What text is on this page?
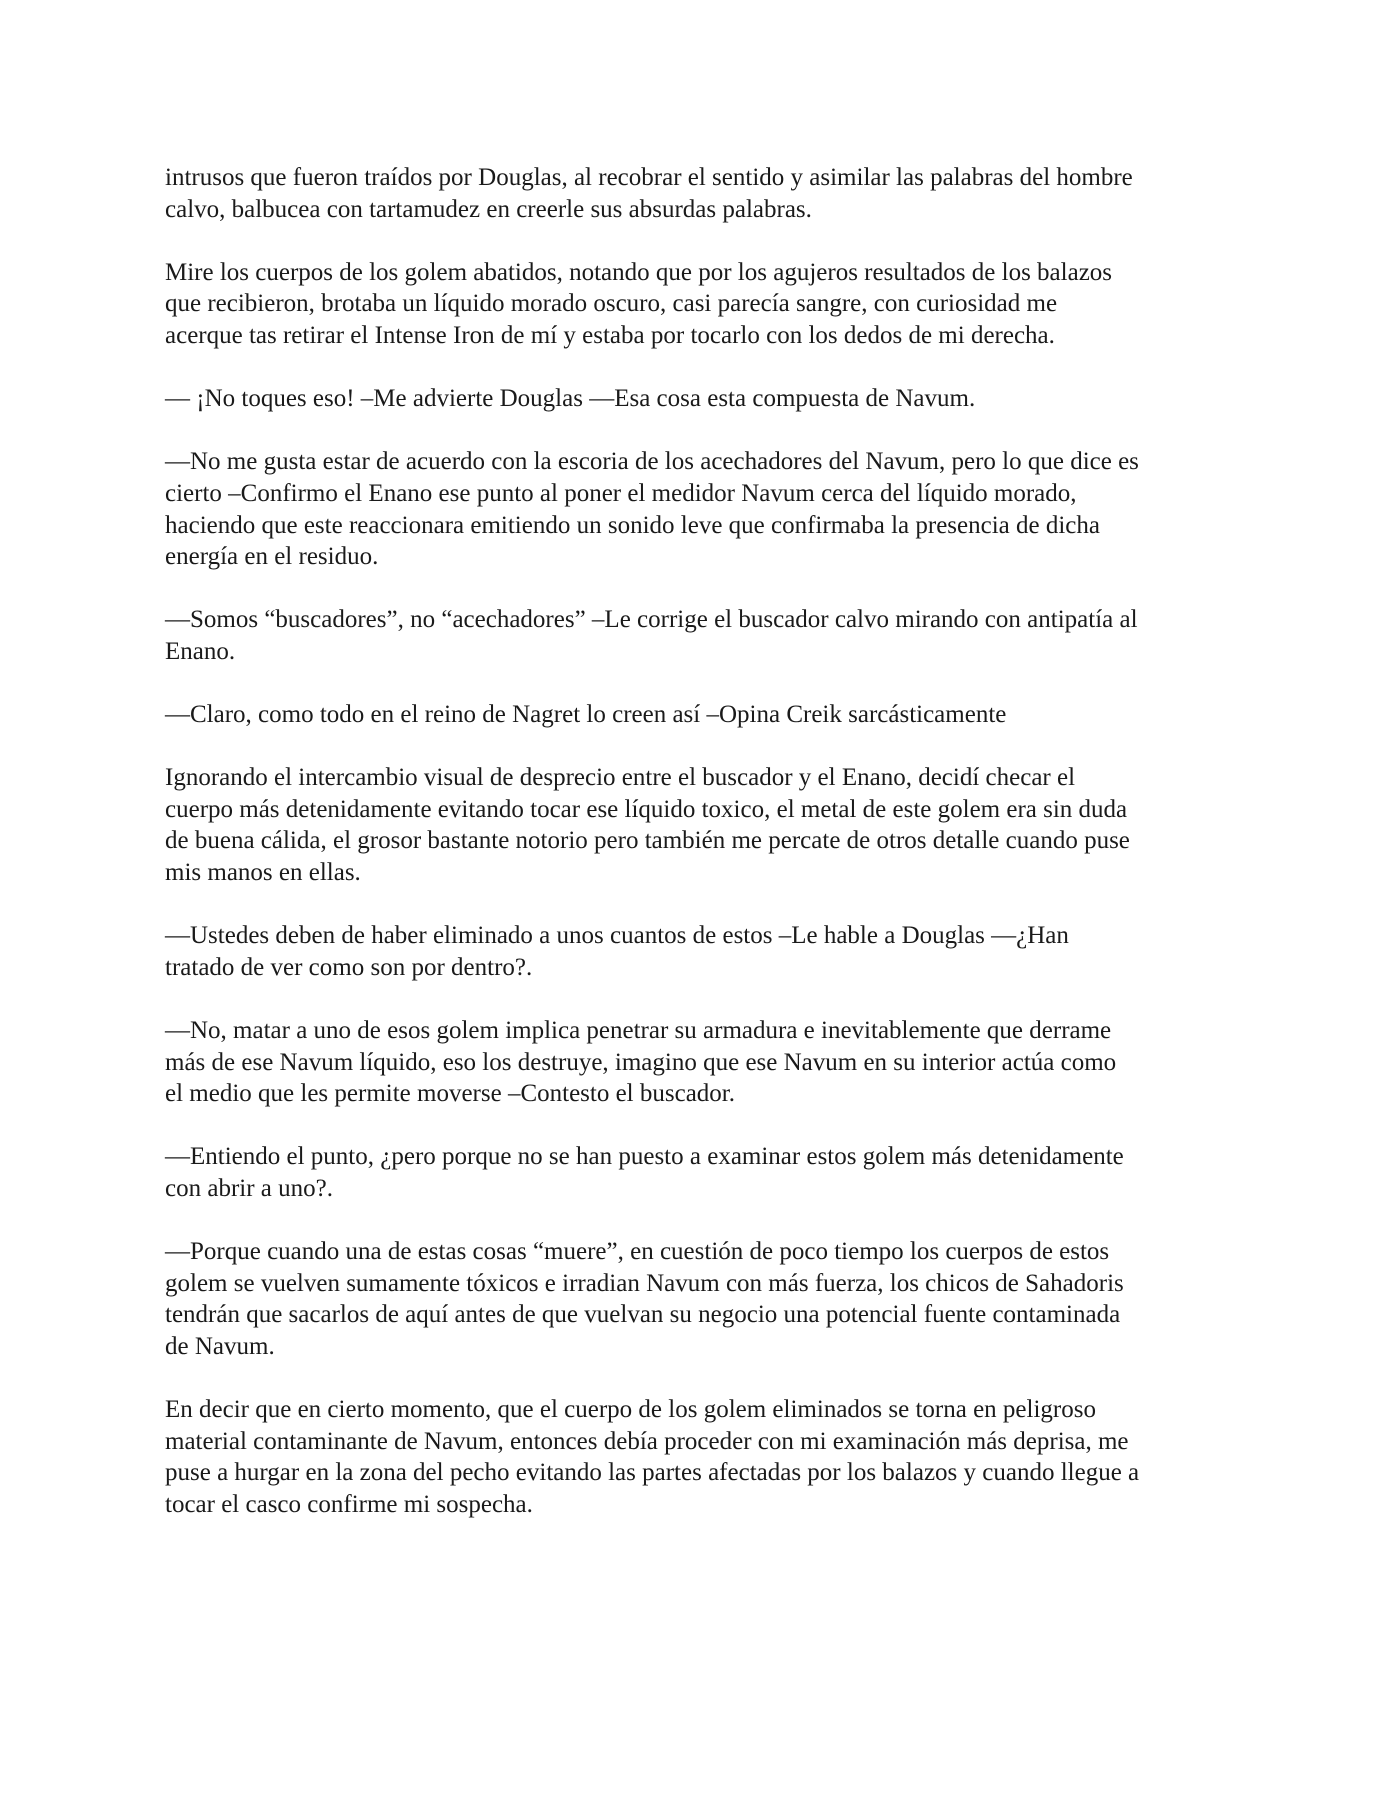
intrusos que fueron traídos por Douglas, al recobrar el sentido y asimilar las palabras del hombre
calvo, balbucea con tartamudez en creerle sus absurdas palabras.

Mire los cuerpos de los golem abatidos, notando que por los agujeros resultados de los balazos
que recibieron, brotaba un líquido morado oscuro, casi parecía sangre, con curiosidad me
acerque tas retirar el Intense Iron de mí y estaba por tocarlo con los dedos de mi derecha.

— ¡No toques eso! –Me advierte Douglas —Esa cosa esta compuesta de Navum.

—No me gusta estar de acuerdo con la escoria de los acechadores del Navum, pero lo que dice es
cierto –Confirmo el Enano ese punto al poner el medidor Navum cerca del líquido morado,
haciendo que este reaccionara emitiendo un sonido leve que confirmaba la presencia de dicha
energía en el residuo.

—Somos “buscadores”, no “acechadores” –Le corrige el buscador calvo mirando con antipatía al
Enano.

—Claro, como todo en el reino de Nagret lo creen así –Opina Creik sarcásticamente

Ignorando el intercambio visual de desprecio entre el buscador y el Enano, decidí checar el
cuerpo más detenidamente evitando tocar ese líquido toxico, el metal de este golem era sin duda
de buena cálida, el grosor bastante notorio pero también me percate de otros detalle cuando puse
mis manos en ellas.

—Ustedes deben de haber eliminado a unos cuantos de estos –Le hable a Douglas —¿Han
tratado de ver como son por dentro?.

—No, matar a uno de esos golem implica penetrar su armadura e inevitablemente que derrame
más de ese Navum líquido, eso los destruye, imagino que ese Navum en su interior actúa como
el medio que les permite moverse –Contesto el buscador.

—Entiendo el punto, ¿pero porque no se han puesto a examinar estos golem más detenidamente
con abrir a uno?.

—Porque cuando una de estas cosas “muere”, en cuestión de poco tiempo los cuerpos de estos
golem se vuelven sumamente tóxicos e irradian Navum con más fuerza, los chicos de Sahadoris
tendrán que sacarlos de aquí antes de que vuelvan su negocio una potencial fuente contaminada
de Navum.

En decir que en cierto momento, que el cuerpo de los golem eliminados se torna en peligroso
material contaminante de Navum, entonces debía proceder con mi examinación más deprisa, me
puse a hurgar en la zona del pecho evitando las partes afectadas por los balazos y cuando llegue a
tocar el casco confirme mi sospecha.
